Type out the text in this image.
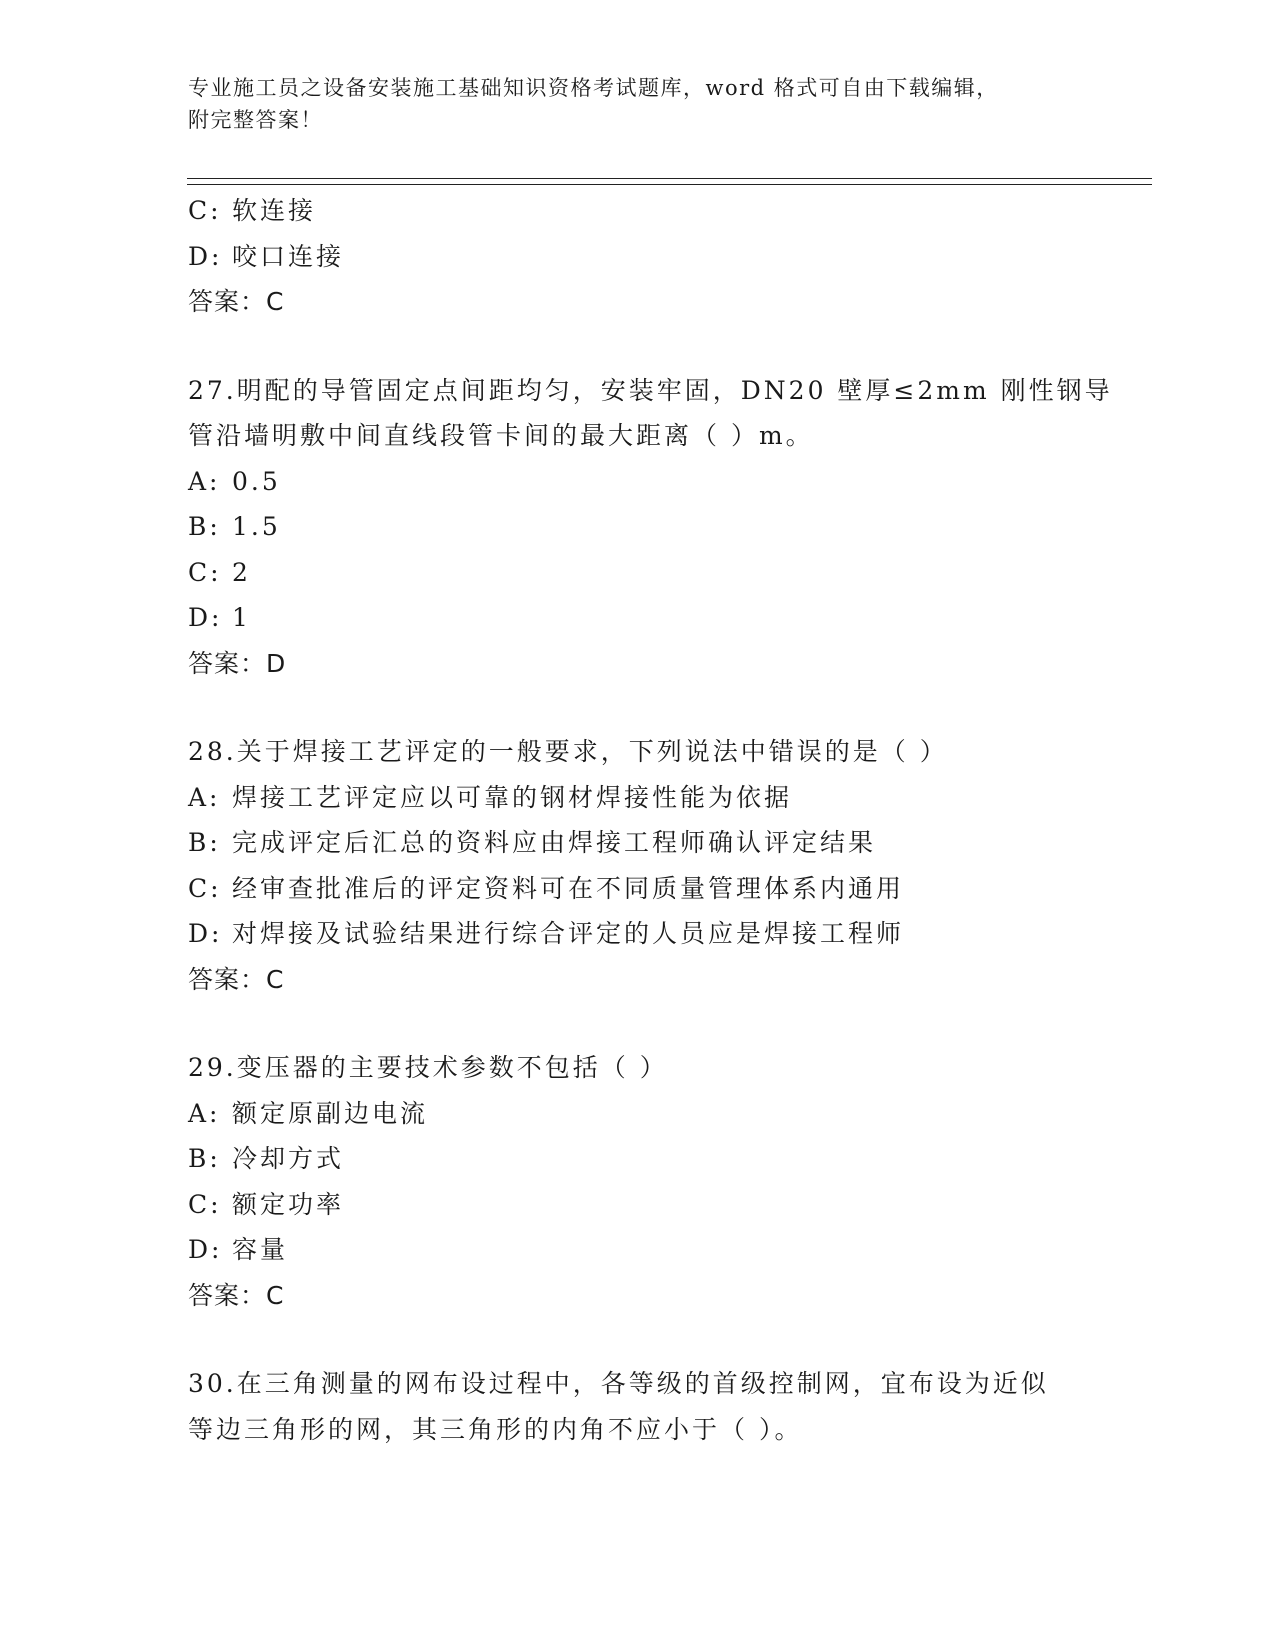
专业施工员之设备安装施工基础知识资格考试题库，word 格式可自由下载编辑，
附完整答案！
C: 软连接
D: 咬口连接
答案：C
27.明配的导管固定点间距均匀，安装牢固，DN20 壁厚≤2mm 刚性钢导
管沿墙明敷中间直线段管卡间的最大距离（ ）m。
A: 0.5
B: 1.5
C: 2
D: 1
答案：D
28.关于焊接工艺评定的一般要求，下列说法中错误的是（ ）
A: 焊接工艺评定应以可靠的钢材焊接性能为依据
B: 完成评定后汇总的资料应由焊接工程师确认评定结果
C: 经审查批准后的评定资料可在不同质量管理体系内通用
D: 对焊接及试验结果进行综合评定的人员应是焊接工程师
答案：C
29.变压器的主要技术参数不包括（ ）
A: 额定原副边电流
B: 冷却方式
C: 额定功率
D: 容量
答案：C
30.在三角测量的网布设过程中，各等级的首级控制网，宜布设为近似
等边三角形的网，其三角形的内角不应小于（ ）。
